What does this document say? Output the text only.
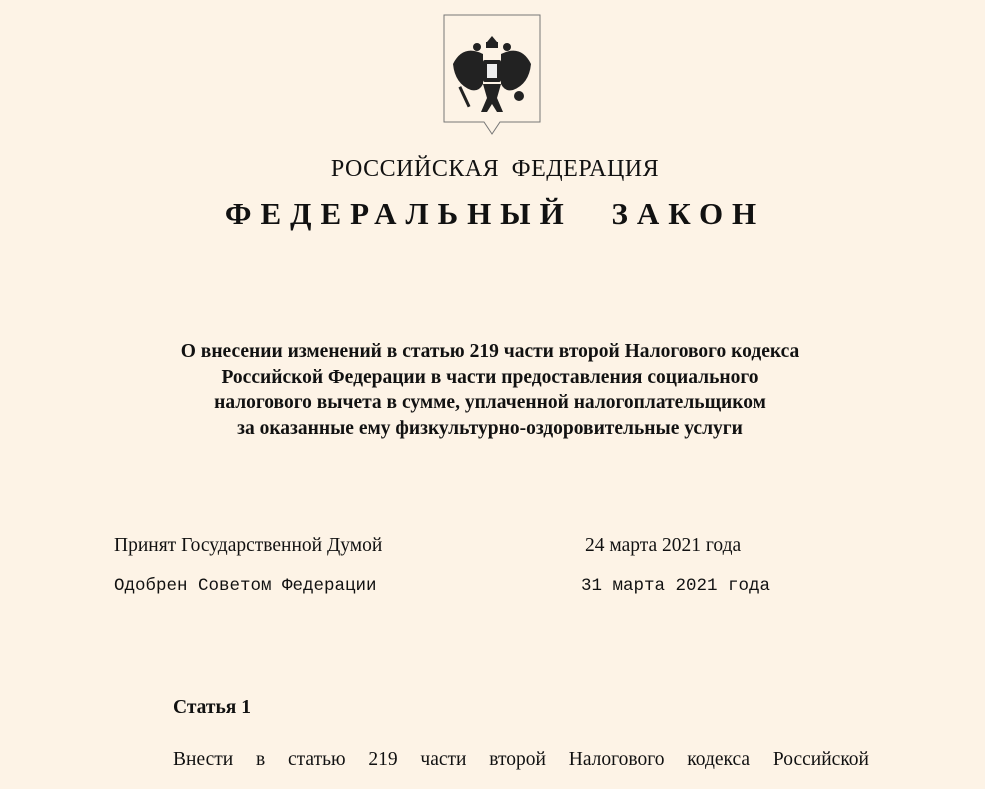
РОССИЙСКАЯ ФЕДЕРАЦИЯ
ФЕДЕРАЛЬНЫЙ ЗАКОН
О внесении изменений в статью 219 части второй Налогового кодекса
Российской Федерации в части предоставления социального
налогового вычета в сумме, уплаченной налогоплательщиком
за оказанные ему физкультурно-оздоровительные услуги
Принят Государственной Думой	24 марта 2021 года
Одобрен Советом Федерации	31 марта 2021 года
Статья 1
Внести в статью 219 части второй Налогового кодекса Российской
